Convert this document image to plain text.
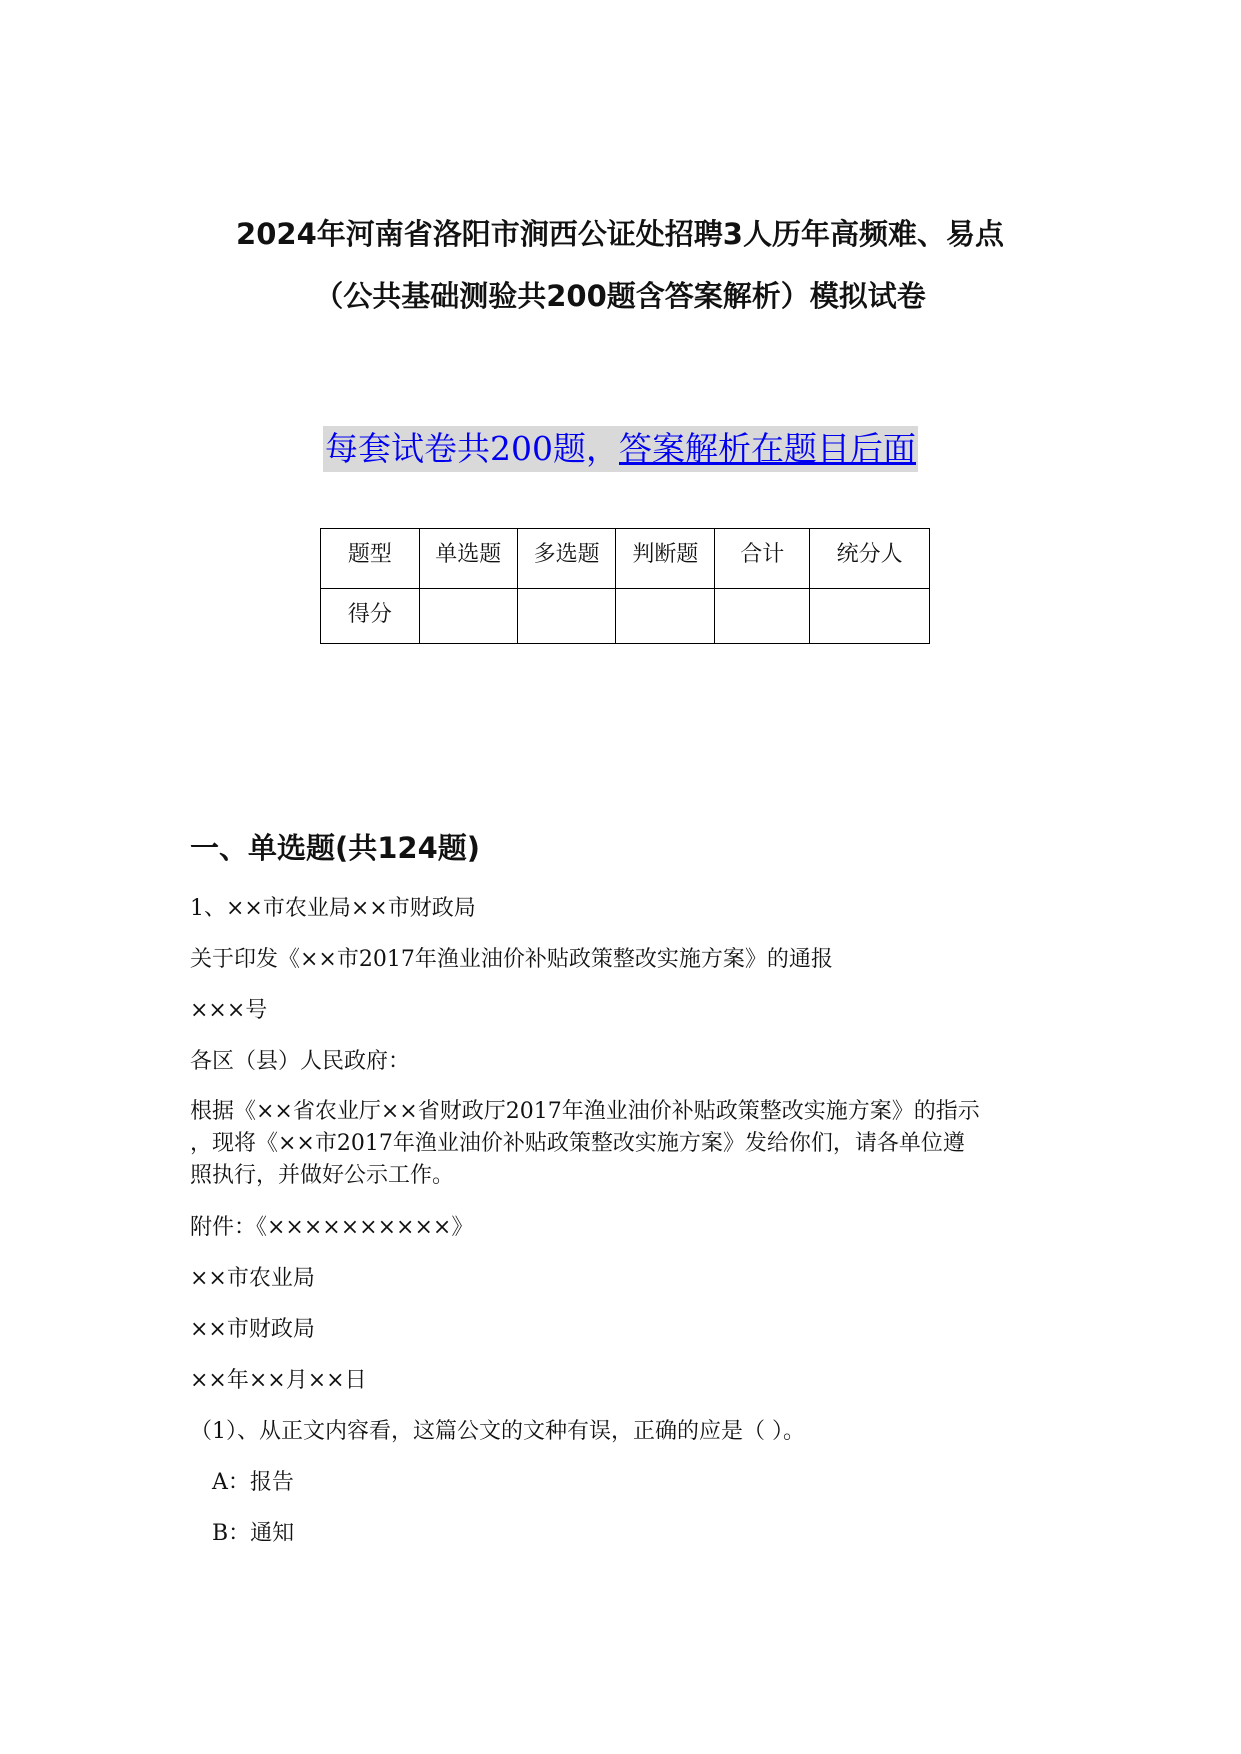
2024年河南省洛阳市涧西公证处招聘3人历年高频难、易点
（公共基础测验共200题含答案解析）模拟试卷
每套试卷共200题，答案解析在题目后面
题型	单选题	多选题	判断题	合计	统分人
得分					
一、单选题(共124题)
1、××市农业局××市财政局
关于印发《××市2017年渔业油价补贴政策整改实施方案》的通报
×××号
各区（县）人民政府：
根据《××省农业厅××省财政厅2017年渔业油价补贴政策整改实施方案》的指示
，现将《××市2017年渔业油价补贴政策整改实施方案》发给你们，请各单位遵
照执行，并做好公示工作。
附件：《××××××××××》
××市农业局
××市财政局
××年××月××日
（1）、从正文内容看，这篇公文的文种有误，正确的应是（ ）。
A：报告
B：通知
